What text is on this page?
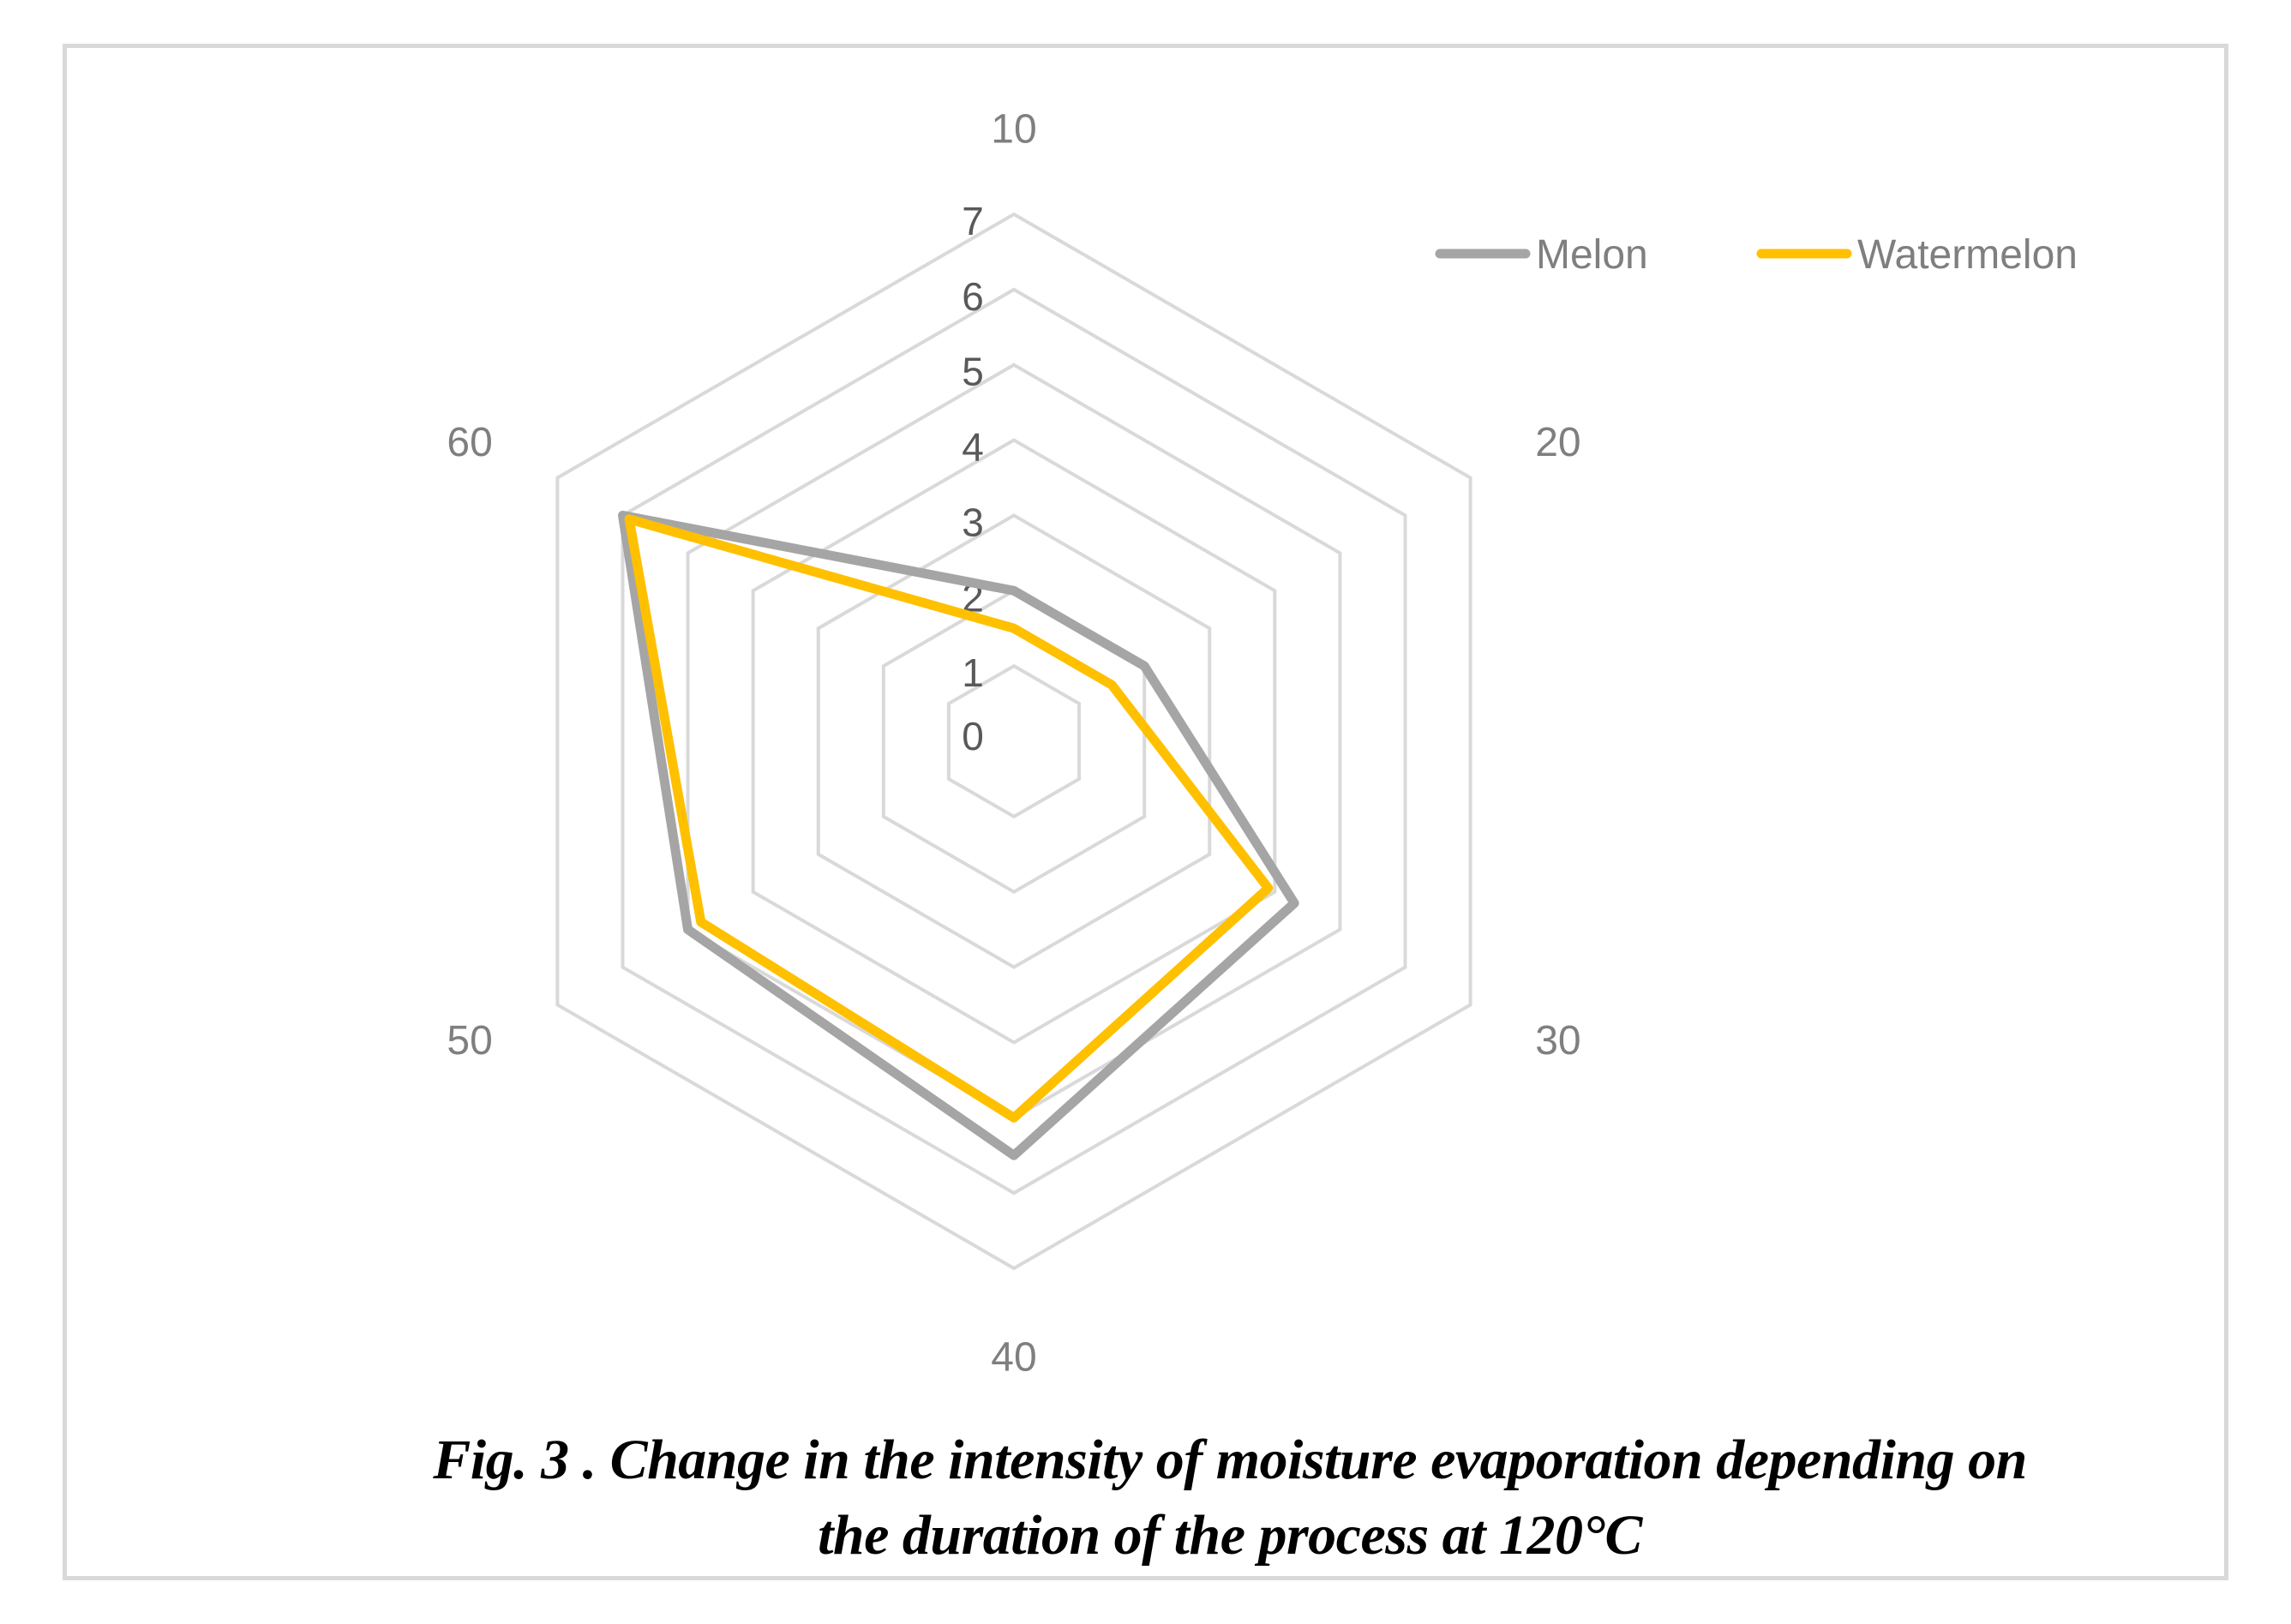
0
1
2
3
4
5
6
7
10
20
30
40
50
60
Melon	Watermelon
Fig. 3 . Change in the intensity of moisture evaporation depending on
the duration of the process at 120°C
